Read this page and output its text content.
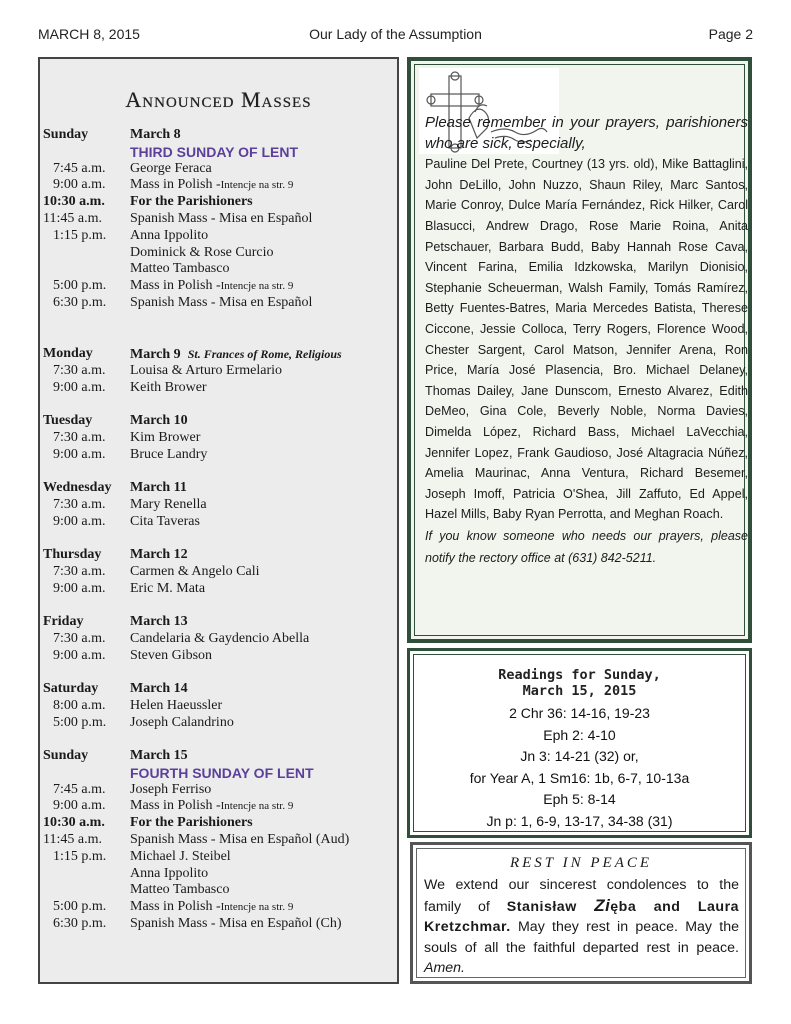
MARCH 8, 2015	Our Lady of the Assumption	Page 2
Announced Masses
Sunday	March 8
THIRD SUNDAY OF LENT
7:45 a.m.	George Feraca
9:00 a.m.	Mass in Polish -Intencje na str. 9
10:30 a.m.	For the Parishioners
11:45 a.m.	Spanish Mass - Misa en Español
1:15 p.m.	Anna Ippolito
Dominick & Rose Curcio
Matteo Tambasco
5:00 p.m.	Mass in Polish -Intencje na str. 9
6:30 p.m.	Spanish Mass - Misa en Español
Monday	March 9 St. Frances of Rome, Religious
7:30 a.m.	Louisa & Arturo Ermelario
9:00 a.m.	Keith Brower
Tuesday	March 10
7:30 a.m.	Kim Brower
9:00 a.m.	Bruce Landry
Wednesday	March 11
7:30 a.m.	Mary Renella
9:00 a.m.	Cita Taveras
Thursday	March 12
7:30 a.m.	Carmen & Angelo Cali
9:00 a.m.	Eric M. Mata
Friday	March 13
7:30 a.m.	Candelaria & Gaydencio Abella
9:00 a.m.	Steven Gibson
Saturday	March 14
8:00 a.m.	Helen Haeussler
5:00 p.m.	Joseph Calandrino
Sunday	March 15
FOURTH SUNDAY OF LENT
7:45 a.m.	Joseph Ferriso
9:00 a.m.	Mass in Polish -Intencje na str. 9
10:30 a.m.	For the Parishioners
11:45 a.m.	Spanish Mass - Misa en Español (Aud)
1:15 p.m.	Michael J. Steibel
Anna Ippolito
Matteo Tambasco
5:00 p.m.	Mass in Polish -Intencje na str. 9
6:30 p.m.	Spanish Mass - Misa en Español (Ch)

Please remember in your prayers, parishioners who are sick, especially, Pauline Del Prete, Courtney (13 yrs. old), Mike Battaglini, John DeLillo, John Nuzzo, Shaun Riley, Marc Santos, Marie Conroy, Dulce María Fernández, Rick Hilker, Carol Blasucci, Andrew Drago, Rose Marie Roina, Anita Petschauer, Barbara Budd, Baby Hannah Rose Cava, Vincent Farina, Emilia Idzkowska, Marilyn Dionisio, Stephanie Scheuerman, Walsh Family, Tomás Ramírez, Betty Fuentes-Batres, Maria Mercedes Batista, Therese Ciccone, Jessie Colloca, Terry Rogers, Florence Wood, Chester Sargent, Carol Matson, Jennifer Arena, Ron Price, María José Plasencia, Bro. Michael Delaney, Thomas Dailey, Jane Dunscom, Ernesto Alvarez, Edith DeMeo, Gina Cole, Beverly Noble, Norma Davies, Dimelda López, Richard Bass, Michael LaVecchia, Jennifer Lopez, Frank Gaudioso, José Altagracia Núñez, Amelia Maurinac, Anna Ventura, Richard Besemer, Joseph Imoff, Patricia O'Shea, Jill Zaffuto, Ed Appel, Hazel Mills, Baby Ryan Perrotta, and Meghan Roach.

If you know someone who needs our prayers, please notify the rectory office at (631) 842-5211.

Readings for Sunday,
March 15, 2015
2 Chr 36: 14-16, 19-23
Eph 2: 4-10
Jn 3: 14-21 (32) or,
for Year A, 1 Sm16: 1b, 6-7, 10-13a
Eph 5: 8-14
Jn p: 1, 6-9, 13-17, 34-38 (31)
REST IN PEACE
We extend our sincerest condolences to the family of Stanisław Zięba and Laura Kretzchmar. May they rest in peace. May the souls of all the faithful departed rest in peace. Amen.
